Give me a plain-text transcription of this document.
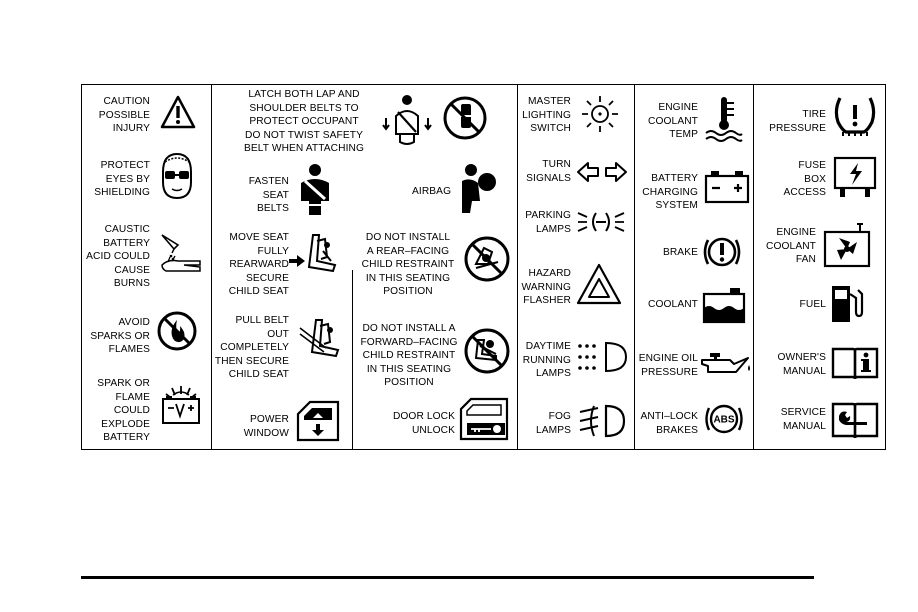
CAUTION
POSSIBLE
INJURY
PROTECT
EYES BY
SHIELDING
CAUSTIC
BATTERY
ACID COULD
CAUSE
BURNS
AVOID
SPARKS OR
FLAMES
SPARK OR
FLAME
COULD
EXPLODE
BATTERY
LATCH BOTH LAP AND
SHOULDER BELTS TO
PROTECT OCCUPANT
DO NOT TWIST SAFETY
BELT WHEN ATTACHING
FASTEN
SEAT
BELTS
AIRBAG
MOVE SEAT
FULLY
REARWARD
SECURE
CHILD SEAT
DO NOT INSTALL
A REAR–FACING
CHILD RESTRAINT
IN THIS SEATING
POSITION
PULL BELT
OUT
COMPLETELY
THEN SECURE
CHILD SEAT
DO NOT INSTALL A
FORWARD–FACING
CHILD RESTRAINT
IN THIS SEATING
POSITION
POWER
WINDOW
DOOR LOCK
UNLOCK
MASTER
LIGHTING
SWITCH
TURN
SIGNALS
PARKING
LAMPS
HAZARD
WARNING
FLASHER
DAYTIME
RUNNING
LAMPS
FOG
LAMPS
ENGINE
COOLANT
TEMP
BATTERY
CHARGING
SYSTEM
BRAKE
COOLANT
ENGINE OIL
PRESSURE
ANTI–LOCK
BRAKES
ABS
TIRE
PRESSURE
FUSE
BOX
ACCESS
ENGINE
COOLANT
FAN
FUEL
OWNER'S
MANUAL
SERVICE
MANUAL
